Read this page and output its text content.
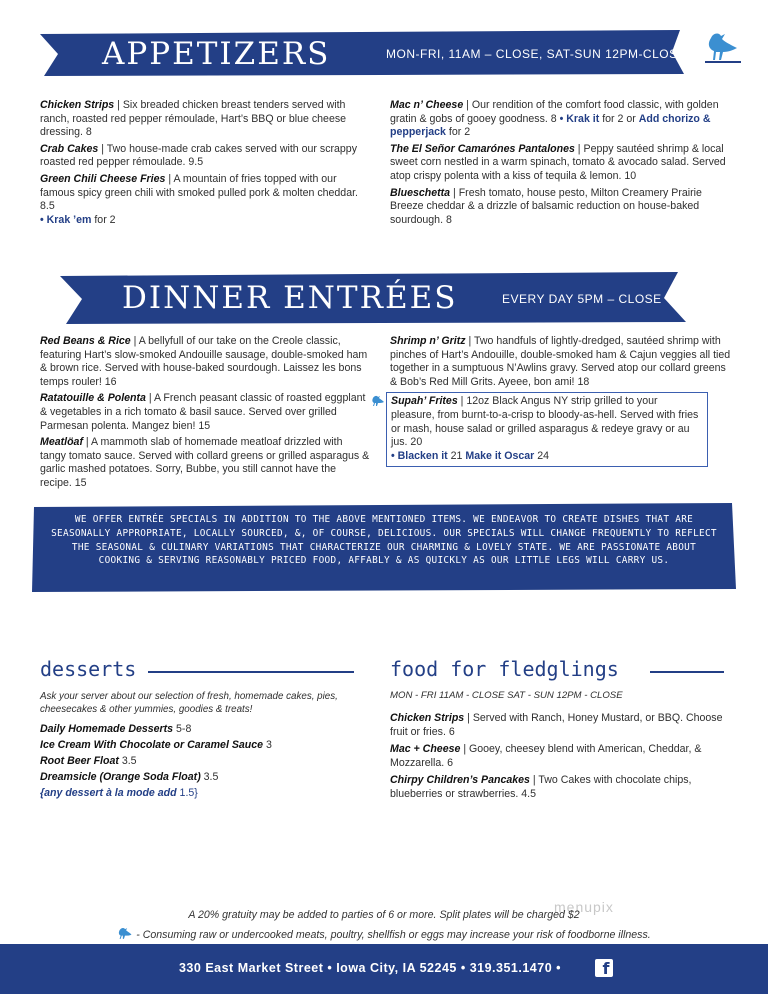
APPETIZERS	MON-FRI, 11AM – CLOSE, SAT-SUN 12PM-CLOSE
Chicken Strips | Six breaded chicken breast tenders served with ranch, roasted red pepper rémoulade, Hart’s BBQ or blue cheese dressing. 8
Crab Cakes | Two house-made crab cakes served with our scrappy roasted red pepper rémoulade. 9.5
Green Chili Cheese Fries | A mountain of fries topped with our famous spicy green chili with smoked pulled pork & molten cheddar. 8.5
• Krak ’em for 2
Mac n’ Cheese | Our rendition of the comfort food classic, with golden gratin & gobs of gooey goodness. 8 • Krak it for 2 or Add chorizo & pepperjack for 2
The El Señor Camarónes Pantalones | Peppy sautéed shrimp & local sweet corn nestled in a warm spinach, tomato & avocado salad. Served atop crispy polenta with a kiss of tequila & lemon. 10
Blueschetta | Fresh tomato, house pesto, Milton Creamery Prairie Breeze cheddar & a drizzle of balsamic reduction on house-baked sourdough. 8
DINNER ENTRÉES	EVERY DAY 5PM – CLOSE
Red Beans & Rice | A bellyfull of our take on the Creole classic, featuring Hart’s slow-smoked Andouille sausage, double-smoked ham & brown rice. Served with house-baked sourdough. Laissez les bons temps rouler! 16
Ratatouille & Polenta | A French peasant classic of roasted eggplant & vegetables in a rich tomato & basil sauce. Served over grilled Parmesan polenta. Mangez bien! 15
Meatlöaf | A mammoth slab of homemade meatloaf drizzled with tangy tomato sauce. Served with collard greens or grilled asparagus & garlic mashed potatoes. Sorry, Bubbe, you still cannot have the recipe. 15
Shrimp n’ Gritz | Two handfuls of lightly-dredged, sautéed shrimp with pinches of Hart’s Andouille, double-smoked ham & Cajun veggies all tied together in a sumptuous N’Awlins gravy. Served atop our collard greens & Bob’s Red Mill Grits. Ayeee, bon ami! 18
Supah’ Frites | 12oz Black Angus NY strip grilled to your pleasure, from burnt-to-a-crisp to bloody-as-hell. Served with fries or mash, house salad or grilled asparagus & redeye gravy or au jus. 20
• Blacken it 21 Make it Oscar 24
WE OFFER ENTRÉE SPECIALS IN ADDITION TO THE ABOVE MENTIONED ITEMS. WE ENDEAVOR TO CREATE DISHES THAT ARE SEASONALLY APPROPRIATE, LOCALLY SOURCED, &, OF COURSE, DELICIOUS. OUR SPECIALS WILL CHANGE FREQUENTLY TO REFLECT THE SEASONAL & CULINARY VARIATIONS THAT CHARACTERIZE OUR CHARMING & LOVELY STATE. WE ARE PASSIONATE ABOUT COOKING & SERVING REASONABLY PRICED FOOD, AFFABLY & AS QUICKLY AS OUR LITTLE LEGS WILL CARRY US.
desserts
Ask your server about our selection of fresh, homemade cakes, pies, cheesecakes & other yummies, goodies & treats!
Daily Homemade Desserts 5-8
Ice Cream With Chocolate or Caramel Sauce 3
Root Beer Float 3.5
Dreamsicle (Orange Soda Float) 3.5
{any dessert à la mode add 1.5}
food for fledglings
MON - FRI 11AM - CLOSE SAT - SUN 12PM - CLOSE
Chicken Strips | Served with Ranch, Honey Mustard, or BBQ. Choose fruit or fries. 6
Mac + Cheese | Gooey, cheesey blend with American, Cheddar, & Mozzarella. 6
Chirpy Children’s Pancakes | Two Cakes with chocolate chips, blueberries or strawberries. 4.5
menupix
A 20% gratuity may be added to parties of 6 or more. Split plates will be charged $2
- Consuming raw or undercooked meats, poultry, shellfish or eggs may increase your risk of foodborne illness.
330 East Market Street • Iowa City, IA 52245 • 319.351.1470 •	f
